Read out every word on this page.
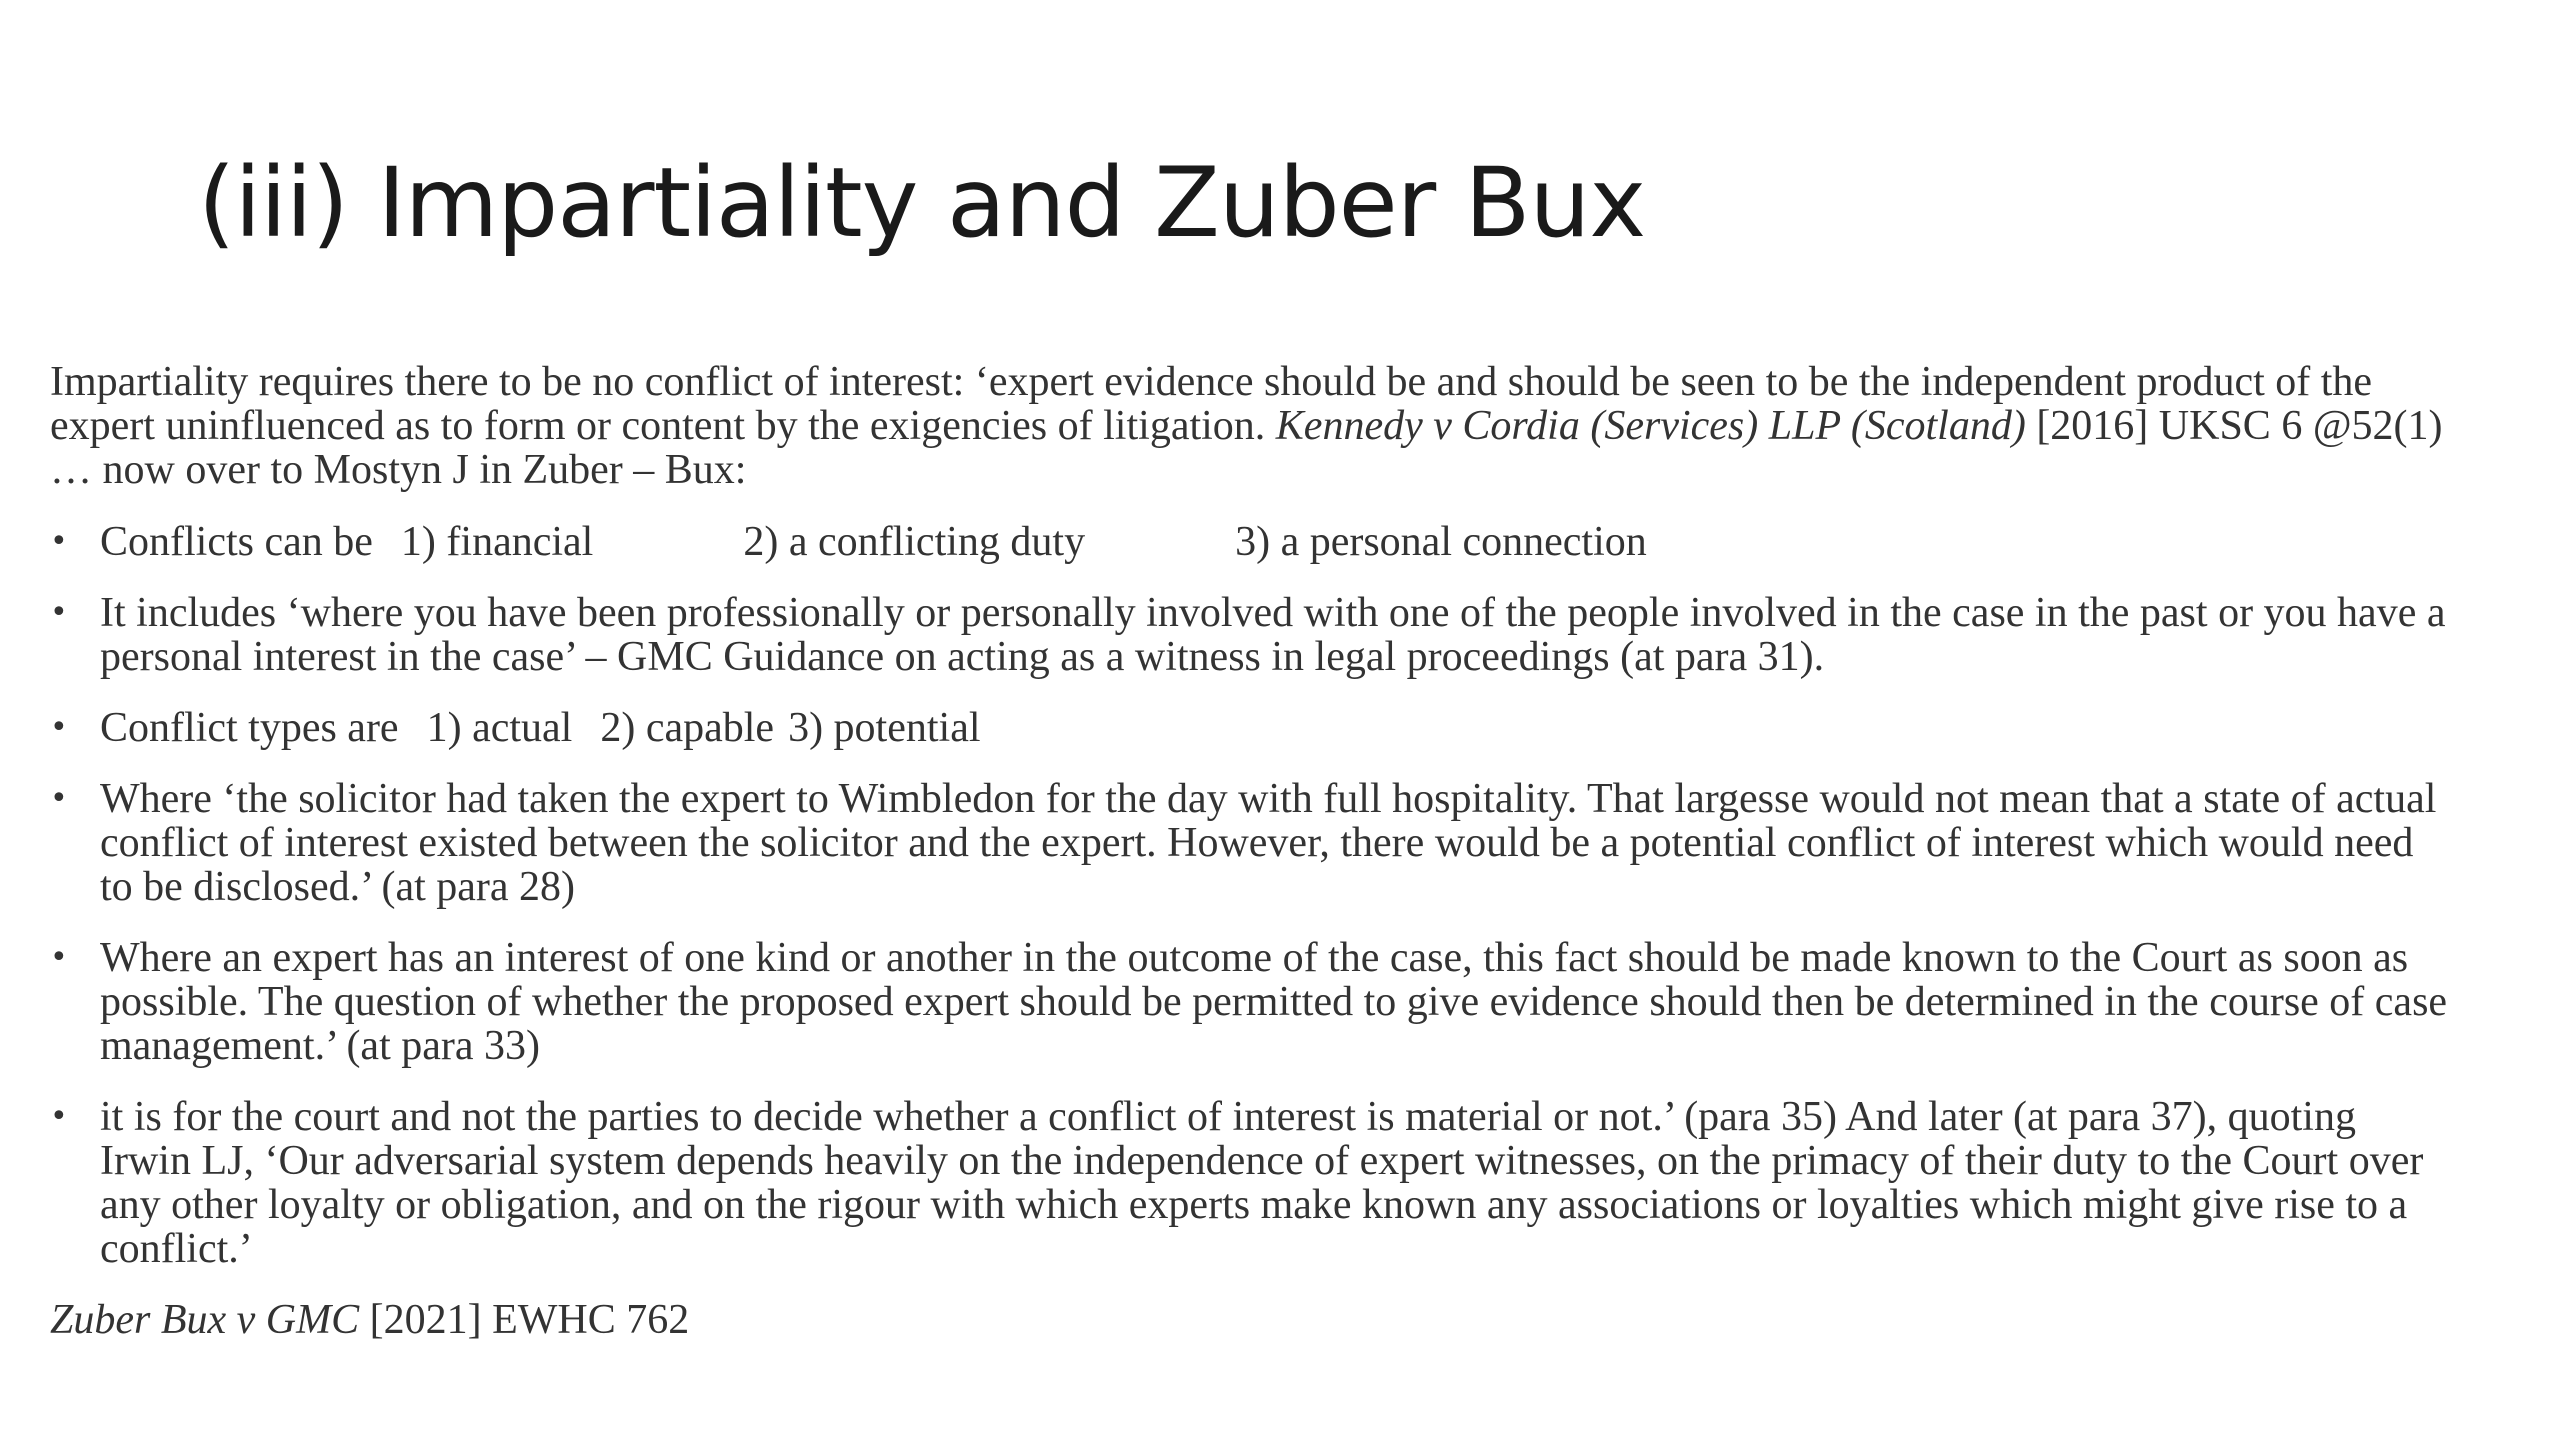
(iii) Impartiality and Zuber Bux

Impartiality requires there to be no conflict of interest: ‘expert evidence should be and should be seen to be the independent product of the expert uninfluenced as to form or content by the exigencies of litigation. Kennedy v Cordia (Services) LLP (Scotland) [2016] UKSC 6 @52(1) … now over to Mostyn J in Zuber – Bux:

• Conflicts can be 1) financial	2) a conflicting duty	3) a personal connection
• It includes ‘where you have been professionally or personally involved with one of the people involved in the case in the past or you have a personal interest in the case’ – GMC Guidance on acting as a witness in legal proceedings (at para 31).
• Conflict types are 1) actual 2) capable 3) potential
• Where ‘the solicitor had taken the expert to Wimbledon for the day with full hospitality. That largesse would not mean that a state of actual conflict of interest existed between the solicitor and the expert. However, there would be a potential conflict of interest which would need to be disclosed.’ (at para 28)
• Where an expert has an interest of one kind or another in the outcome of the case, this fact should be made known to the Court as soon as possible. The question of whether the proposed expert should be permitted to give evidence should then be determined in the course of case management.’ (at para 33)
• it is for the court and not the parties to decide whether a conflict of interest is material or not.’ (para 35) And later (at para 37), quoting Irwin LJ, ‘Our adversarial system depends heavily on the independence of expert witnesses, on the primacy of their duty to the Court over any other loyalty or obligation, and on the rigour with which experts make known any associations or loyalties which might give rise to a conflict.’

Zuber Bux v GMC [2021] EWHC 762
